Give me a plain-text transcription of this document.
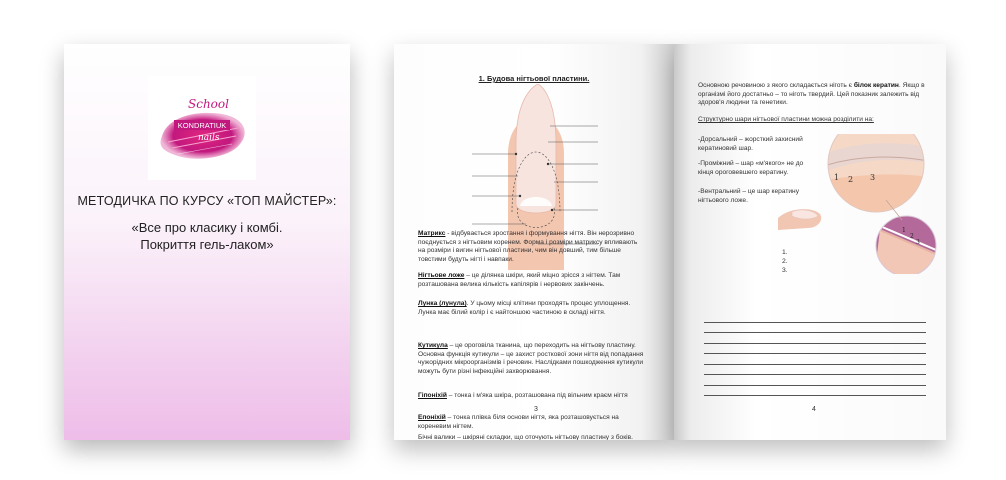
School
KONDRATIUK
nails
МЕТОДИЧКА ПО КУРСУ «ТОП МАЙСТЕР»:
«Все про класику і комбі.
Покриття гель-лаком»
1. Будова нігтьової пластини.
Матрикс - відбувається зростання і формування нігтя. Він нерозривно поєднується з нігтьовим коренем. Форма і розміри матриксу впливають на розміри і вигин нігтьової пластини, чим він довший, тим більше товстими будуть нігті і навпаки.
Нігтьове ложе – це ділянка шкіри, який міцно зрісся з нігтем. Там розташована велика кількість капілярів і нервових закінчень.
Лунка (лунула). У цьому місці клітини проходять процес уплощення. Лунка має білий колір і є найтоншою частиною в складі нігтя.
Кутикула – це ороговіла тканина, що переходить на нігтьову пластину. Основна функція кутикули – це захист росткової зони нігтя від попадання чужорідних мікроорганізмів і речовин. Наслідками пошкодження кутикули можуть бути різні інфекційні захворювання.
Гіпоніхій – тонка і м'яка шкіра, розташована під вільним краєм нігтя
Епоніхій – тонка плівка біля основи нігтя, яка розташовується на кореневим нігтем.
Бічні валики – шкіряні складки, що оточують нігтьову пластину з боків.
3
Основною речовиною з якого складається ніготь є білок кератин. Якщо в організмі його достатньо – то ніготь твердий. Цей показник залежить від здоров'я людини та генетики.
Структурно шари нігтьової пластини можна розділити на:
-Дорсальний – жорсткий захисний кератиновий шар.
-Проміжний – шар «м'якого» не до кінця ороговевшего кератину.
-Вентральний – це шар кератину нігтьового ложе.
1 2 3
1
2
3
1.
2.
3.
4
